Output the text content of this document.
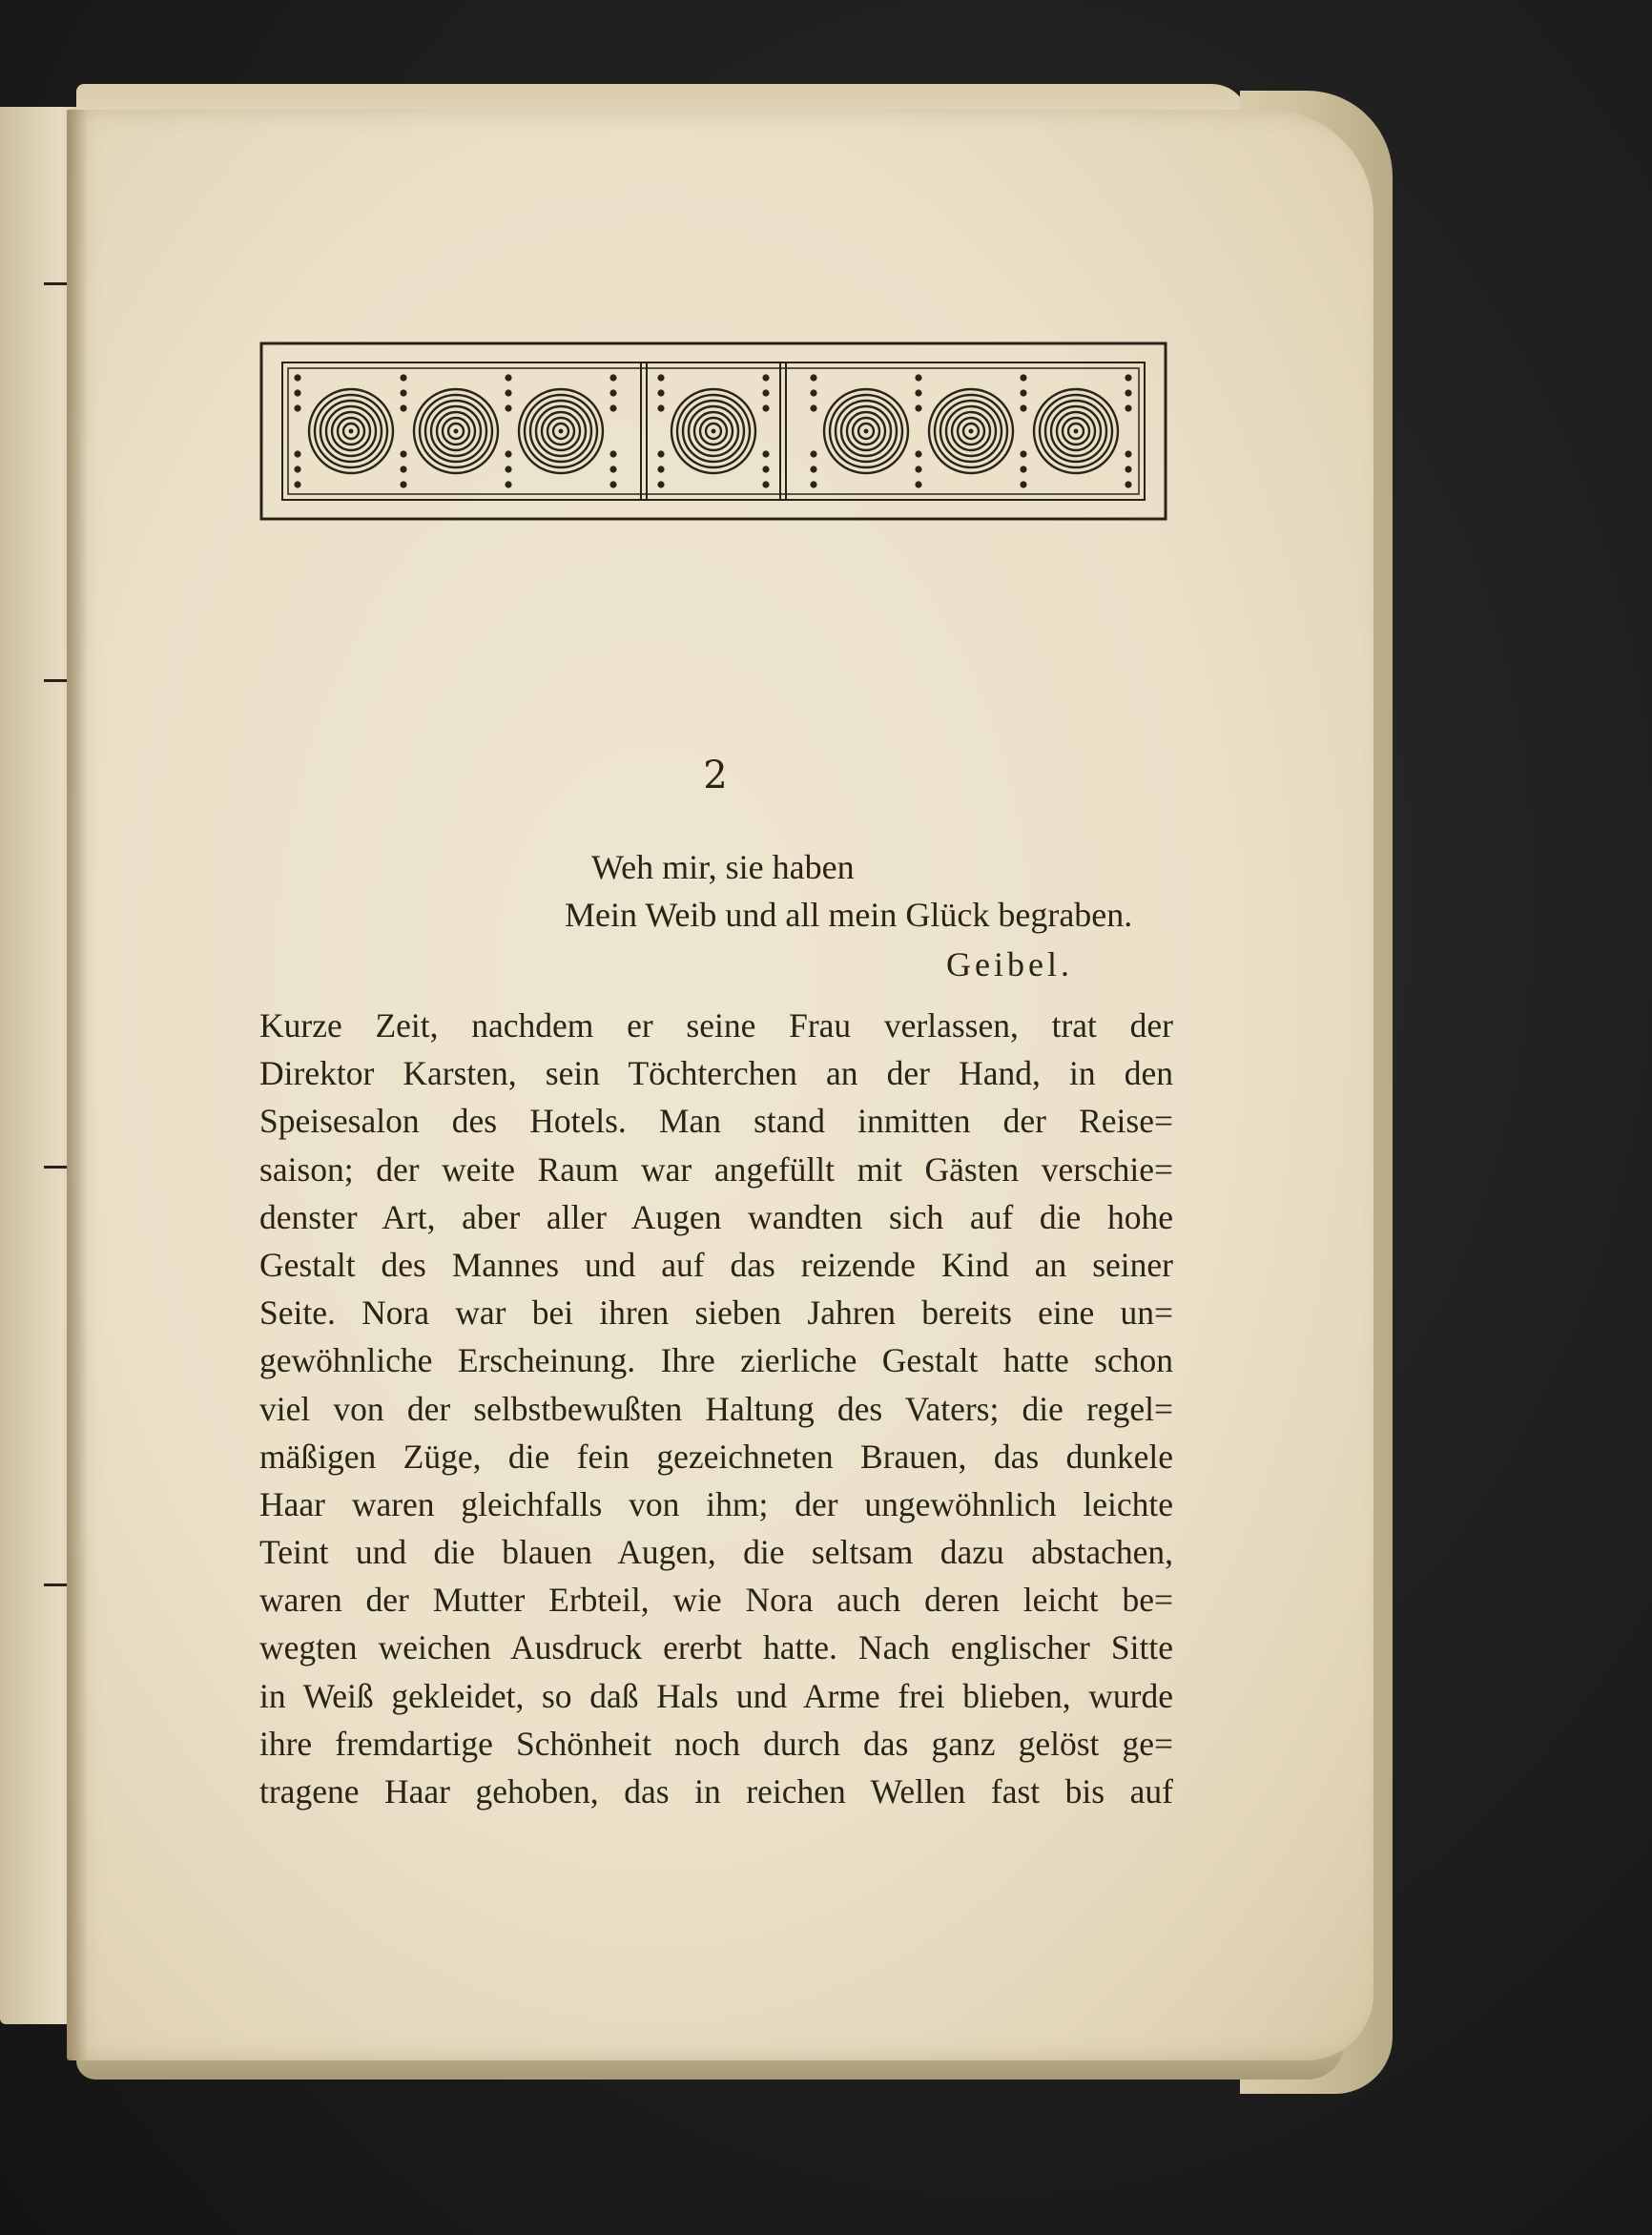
2
Weh mir, sie haben
Mein Weib und all mein Glück begraben.
Geibel.
Kurze Zeit, nachdem er seine Frau verlassen, trat der
Direktor Karsten, sein Töchterchen an der Hand, in den
Speisesalon des Hotels. Man stand inmitten der Reise=
saison; der weite Raum war angefüllt mit Gästen verschie=
denster Art, aber aller Augen wandten sich auf die hohe
Gestalt des Mannes und auf das reizende Kind an seiner
Seite. Nora war bei ihren sieben Jahren bereits eine un=
gewöhnliche Erscheinung. Ihre zierliche Gestalt hatte schon
viel von der selbstbewußten Haltung des Vaters; die regel=
mäßigen Züge, die fein gezeichneten Brauen, das dunkele
Haar waren gleichfalls von ihm; der ungewöhnlich leichte
Teint und die blauen Augen, die seltsam dazu abstachen,
waren der Mutter Erbteil, wie Nora auch deren leicht be=
wegten weichen Ausdruck ererbt hatte. Nach englischer Sitte
in Weiß gekleidet, so daß Hals und Arme frei blieben, wurde
ihre fremdartige Schönheit noch durch das ganz gelöst ge=
tragene Haar gehoben, das in reichen Wellen fast bis auf
